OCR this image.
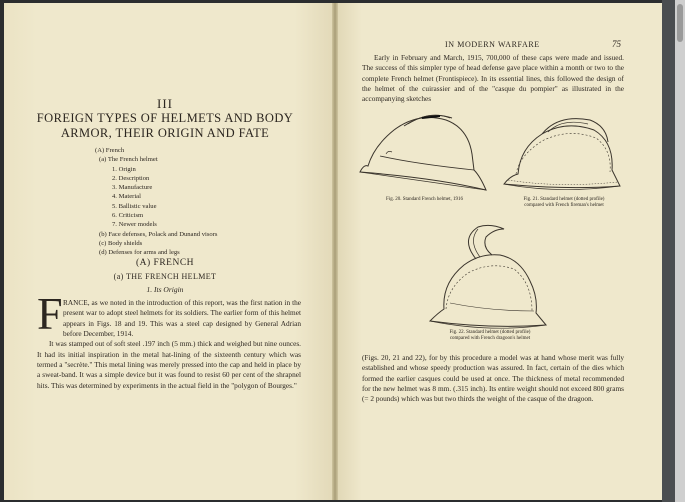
III
FOREIGN TYPES OF HELMETS AND BODY
ARMOR, THEIR ORIGIN AND FATE
(A) French
(a) The French helmet
1. Origin
2. Description
3. Manufacture
4. Material
5. Ballistic value
6. Criticism
7. Newer models
(b) Face defenses, Polack and Dunand visors
(c) Body shields
(d) Defenses for arms and legs
(A) FRENCH
(a) THE FRENCH HELMET
1. Its Origin
F RANCE, as we noted in the introduction of this report, was the first nation in the present war to adopt steel helmets for its soldiers. The earlier form of this helmet appears in Figs. 18 and 19. This was a steel cap designed by General Adrian before December, 1914.

It was stamped out of soft steel .197 inch (5 mm.) thick and weighed but nine ounces. It had its initial inspiration in the metal hat-lining of the sixteenth century which was termed a "secrète." This metal lining was merely pressed into the cap and held in place by a sweat-band. It was a simple device but it was found to resist 60 per cent of the shrapnel hits. This was determined by experiments in the actual field in the "polygon of Bourges."

IN MODERN WARFARE	75

Early in February and March, 1915, 700,000 of these caps were made and issued. The success of this simpler type of head defense gave place within a month or two to the complete French helmet (Frontispiece). In its essential lines, this followed the design of the helmet of the cuirassier and of the "casque du pompier" as illustrated in the accompanying sketches

Fig. 20. Standard French helmet, 1916	Fig. 21. Standard helmet (dotted profile)
compared with French fireman's helmet
Fig. 22. Standard helmet (dotted profile)
compared with French dragoon's helmet

(Figs. 20, 21 and 22), for by this procedure a model was at hand whose merit was fully established and whose speedy production was assured. In fact, certain of the dies which formed the earlier casques could be used at once. The thickness of metal recommended for the new helmet was 8 mm. (.315 inch). Its entire weight should not exceed 800 grams (= 2 pounds) which was but two thirds the weight of the casque of the dragoon.
